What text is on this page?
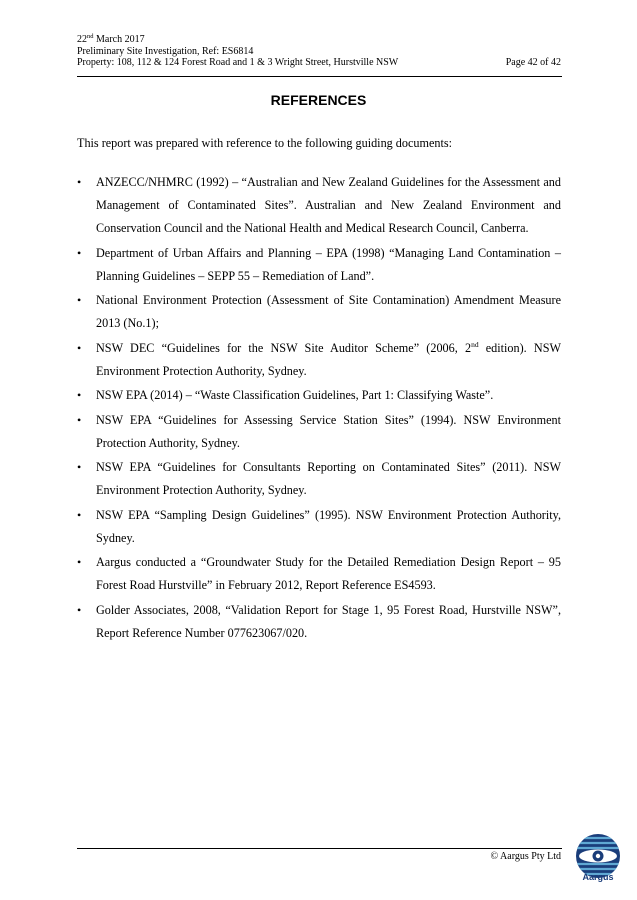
22nd March 2017
Preliminary Site Investigation, Ref: ES6814
Property: 108, 112 & 124 Forest Road and 1 & 3 Wright Street, Hurstville NSW	Page 42 of 42
REFERENCES
This report was prepared with reference to the following guiding documents:
• ANZECC/NHMRC (1992) – “Australian and New Zealand Guidelines for the Assessment and Management of Contaminated Sites”. Australian and New Zealand Environment and Conservation Council and the National Health and Medical Research Council, Canberra.
• Department of Urban Affairs and Planning – EPA (1998) “Managing Land Contamination – Planning Guidelines – SEPP 55 – Remediation of Land”.
• National Environment Protection (Assessment of Site Contamination) Amendment Measure 2013 (No.1);
• NSW DEC “Guidelines for the NSW Site Auditor Scheme” (2006, 2nd edition). NSW Environment Protection Authority, Sydney.
• NSW EPA (2014) – “Waste Classification Guidelines, Part 1: Classifying Waste”.
• NSW EPA “Guidelines for Assessing Service Station Sites” (1994). NSW Environment Protection Authority, Sydney.
• NSW EPA “Guidelines for Consultants Reporting on Contaminated Sites” (2011). NSW Environment Protection Authority, Sydney.
• NSW EPA “Sampling Design Guidelines” (1995). NSW Environment Protection Authority, Sydney.
• Aargus conducted a “Groundwater Study for the Detailed Remediation Design Report – 95 Forest Road Hurstville” in February 2012, Report Reference ES4593.
• Golder Associates, 2008, “Validation Report for Stage 1, 95 Forest Road, Hurstville NSW”, Report Reference Number 077623067/020.
© Aargus Pty Ltd
Aargus
